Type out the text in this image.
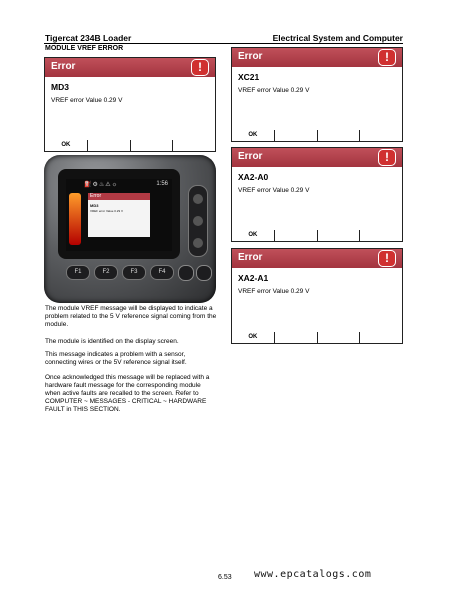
Tigercat 234B Loader	Electrical System and Computer
MODULE VREF ERROR
Error	!
MD3
VREF error Value 0.29 V
OK
Error	!
XC21
VREF error Value 0.29 V
OK
Error	!
XA2-A0
VREF error Value 0.29 V
OK
Error	!
XA2-A1
VREF error Value 0.29 V
OK
⛽⚙♨⚠☼	1:56
Error
MD3
VREF error Value 0.29 V
F1	F2	F3	F4
The module VREF message will be displayed to indicate a problem related to the 5 V reference signal coming from the module.
The module is identified on the display screen.
This message indicates a problem with a sensor, connecting wires or the 5V reference signal itself.
Once acknowledged this message will be replaced with a hardware fault message for the corresponding module when active faults are recalled to the screen. Refer to COMPUTER ~ MESSAGES - CRITICAL ~ HARDWARE FAULT in THIS SECTION.
6.53 www.epcatalogs.com
